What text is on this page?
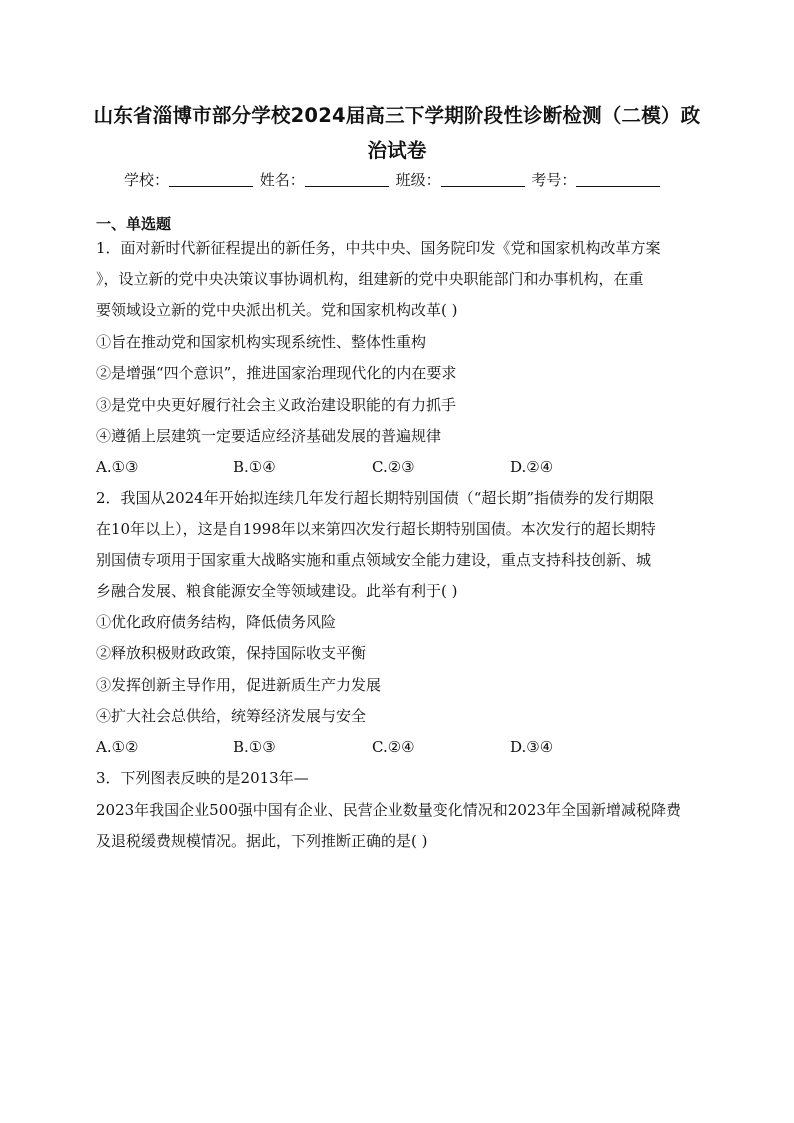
山东省淄博市部分学校2024届高三下学期阶段性诊断检测（二模）政
治试卷
学校：	姓名：	班级：	考号：
一、单选题
1．面对新时代新征程提出的新任务，中共中央、国务院印发《党和国家机构改革方案
》，设立新的党中央决策议事协调机构，组建新的党中央职能部门和办事机构，在重
要领域设立新的党中央派出机关。党和国家机构改革( )
①旨在推动党和国家机构实现系统性、整体性重构
②是增强“四个意识”，推进国家治理现代化的内在要求
③是党中央更好履行社会主义政治建设职能的有力抓手
④遵循上层建筑一定要适应经济基础发展的普遍规律
A.①③	B.①④	C.②③	D.②④
2．我国从2024年开始拟连续几年发行超长期特别国债（“超长期”指债券的发行期限
在10年以上），这是自1998年以来第四次发行超长期特别国债。本次发行的超长期特
别国债专项用于国家重大战略实施和重点领域安全能力建设，重点支持科技创新、城
乡融合发展、粮食能源安全等领域建设。此举有利于( )
①优化政府债务结构，降低债务风险
②释放积极财政政策，保持国际收支平衡
③发挥创新主导作用，促进新质生产力发展
④扩大社会总供给，统筹经济发展与安全
A.①②	B.①③	C.②④	D.③④
3．下列图表反映的是2013年—
2023年我国企业500强中国有企业、民营企业数量变化情况和2023年全国新增减税降费
及退税缓费规模情况。据此，下列推断正确的是( )
